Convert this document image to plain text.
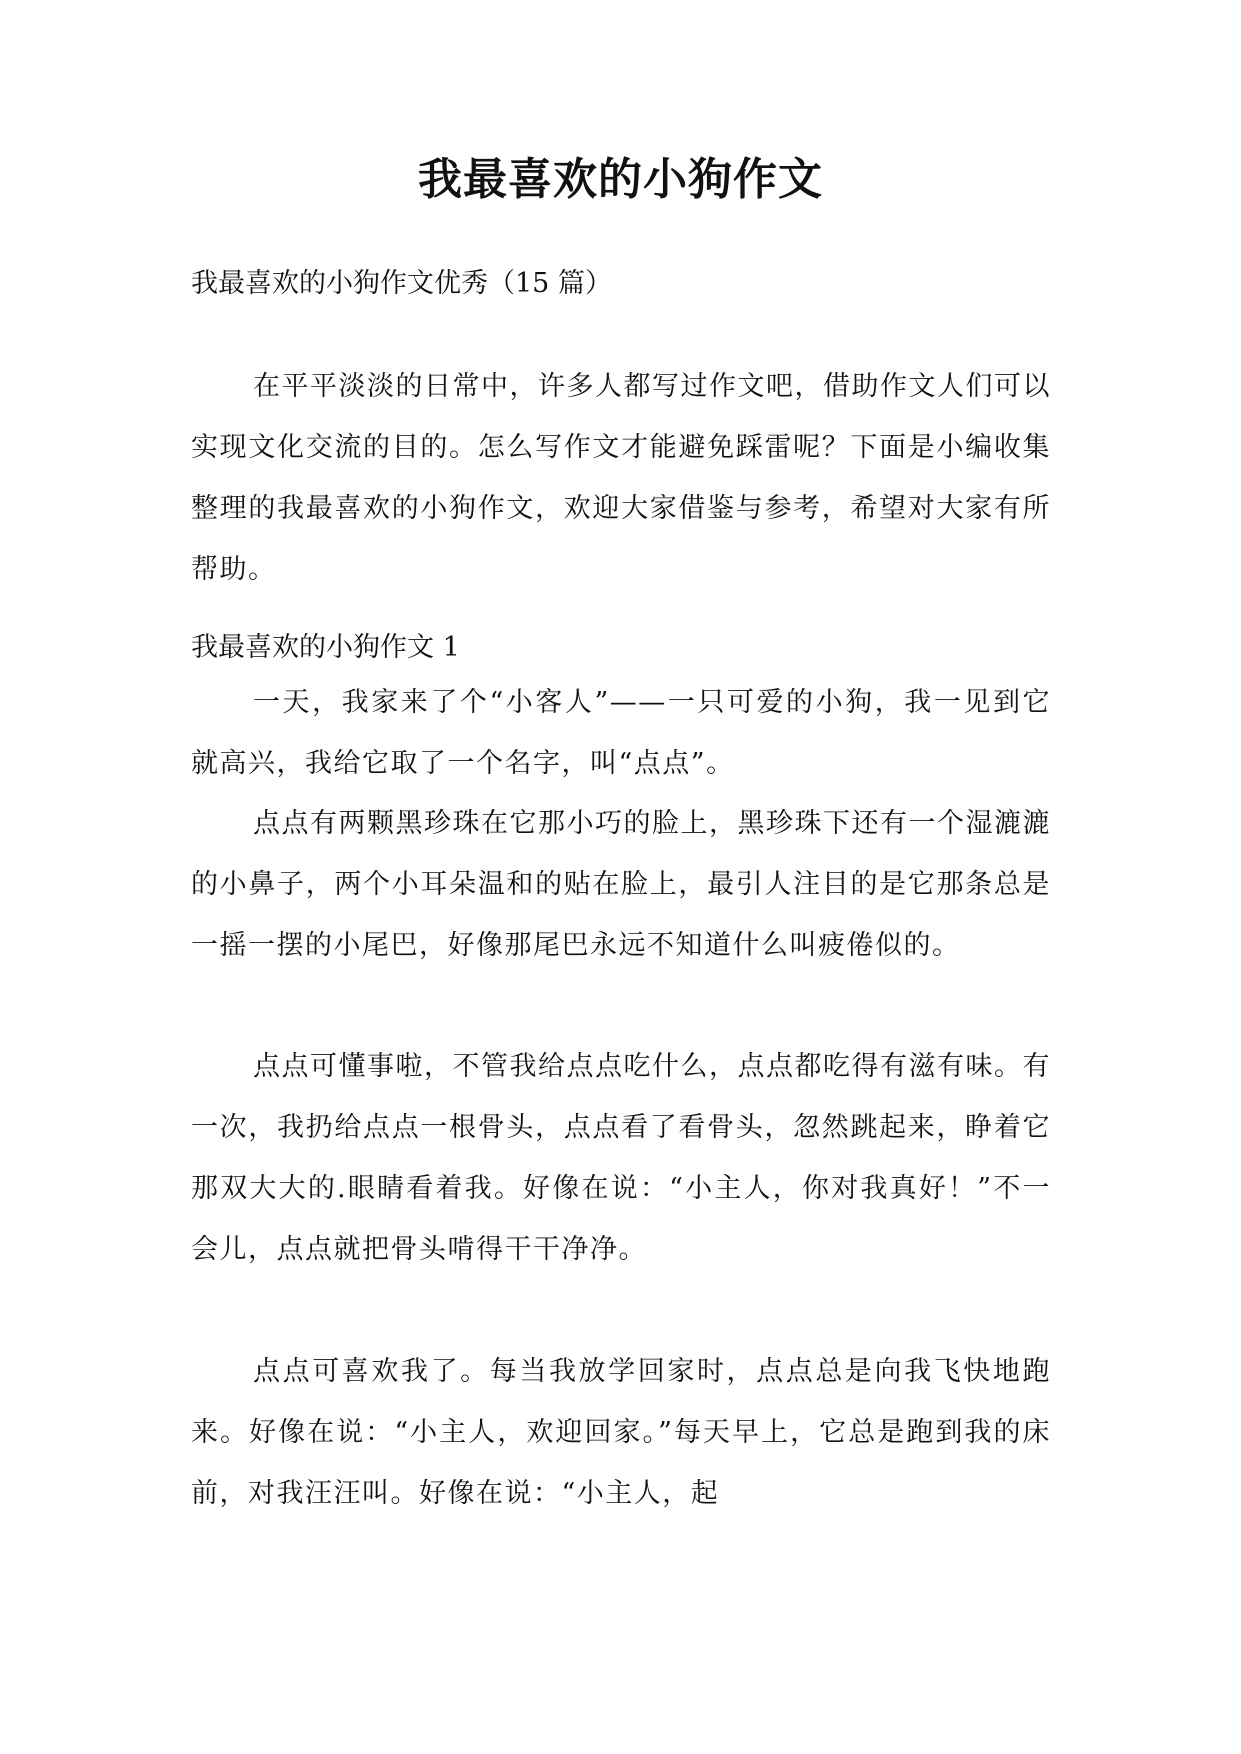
我最喜欢的小狗作文
我最喜欢的小狗作文优秀（15 篇）

在平平淡淡的日常中，许多人都写过作文吧，借助作文人们可以实现文化交流的目的。怎么写作文才能避免踩雷呢？下面是小编收集整理的我最喜欢的小狗作文，欢迎大家借鉴与参考，希望对大家有所帮助。

我最喜欢的小狗作文 1

一天，我家来了个“小客人”——一只可爱的小狗，我一见到它就高兴，我给它取了一个名字，叫“点点”。

点点有两颗黑珍珠在它那小巧的脸上，黑珍珠下还有一个湿漉漉的小鼻子，两个小耳朵温和的贴在脸上，最引人注目的是它那条总是一摇一摆的小尾巴，好像那尾巴永远不知道什么叫疲倦似的。

点点可懂事啦，不管我给点点吃什么，点点都吃得有滋有味。有一次，我扔给点点一根骨头，点点看了看骨头，忽然跳起来，睁着它那双大大的.眼睛看着我。好像在说：“小主人，你对我真好！”不一会儿，点点就把骨头啃得干干净净。

点点可喜欢我了。每当我放学回家时，点点总是向我飞快地跑来。好像在说：“小主人，欢迎回家。”每天早上，它总是跑到我的床前，对我汪汪叫。好像在说：“小主人，起
